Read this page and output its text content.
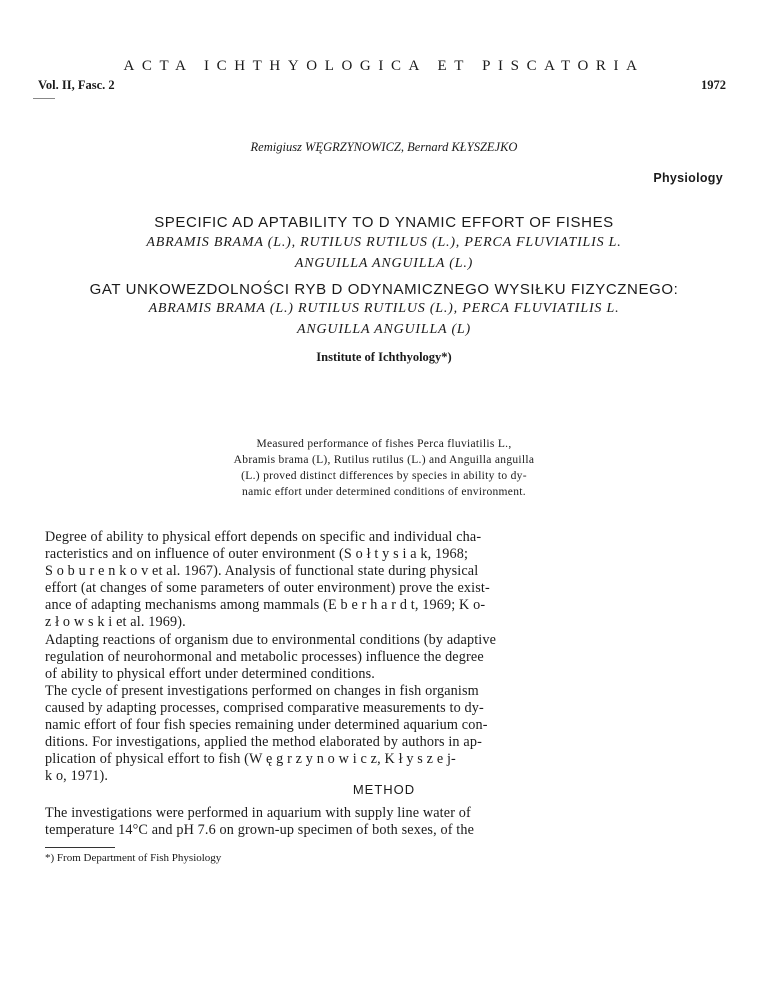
ACTA ICHTHYOLOGICA ET PISCATORIA
Vol. II, Fasc. 2	1972
Remigiusz WĘGRZYNOWICZ, Bernard KŁYSZEJKO
Physiology
SPECIFIC AD APTABILITY TO D YNAMIC EFFORT OF FISHES
ABRAMIS BRAMA (L.), RUTILUS RUTILUS (L.), PERCA FLUVIATILIS L.
ANGUILLA ANGUILLA (L.)
GAT UNKOWEZDOLNOŚCI RYB D ODYNAMICZNEGO WYSIŁKU FIZYCZNEGO:
ABRAMIS BRAMA (L.) RUTILUS RUTILUS (L.), PERCA FLUVIATILIS L.
ANGUILLA ANGUILLA (L)
Institute of Ichthyology*)
Measured performance of fishes Perca fluviatilis L.,
Abramis brama (L), Rutilus rutilus (L.) and Anguilla anguilla
(L.) proved distinct differences by species in ability to dy-
namic effort under determined conditions of environment.
Degree of ability to physical effort depends on specific and individual cha-
racteristics and on influence of outer environment (S o ł t y s i a k, 1968;
S o b u r e n k o v et al. 1967). Analysis of functional state during physical
effort (at changes of some parameters of outer environment) prove the exist-
ance of adapting mechanisms among mammals (E b e r h a r d t, 1969; K o-
z ł o w s k i et al. 1969).
Adapting reactions of organism due to environmental conditions (by adaptive
regulation of neurohormonal and metabolic processes) influence the degree
of ability to physical effort under determined conditions.
The cycle of present investigations performed on changes in fish organism
caused by adapting processes, comprised comparative measurements to dy-
namic effort of four fish species remaining under determined aquarium con-
ditions. For investigations, applied the method elaborated by authors in ap-
plication of physical effort to fish (W ę g r z y n o w i c z, K ł y s z e j-
k o, 1971).
METHOD
The investigations were performed in aquarium with supply line water of
temperature 14°C and pH 7.6 on grown-up specimen of both sexes, of the
*) From Department of Fish Physiology
